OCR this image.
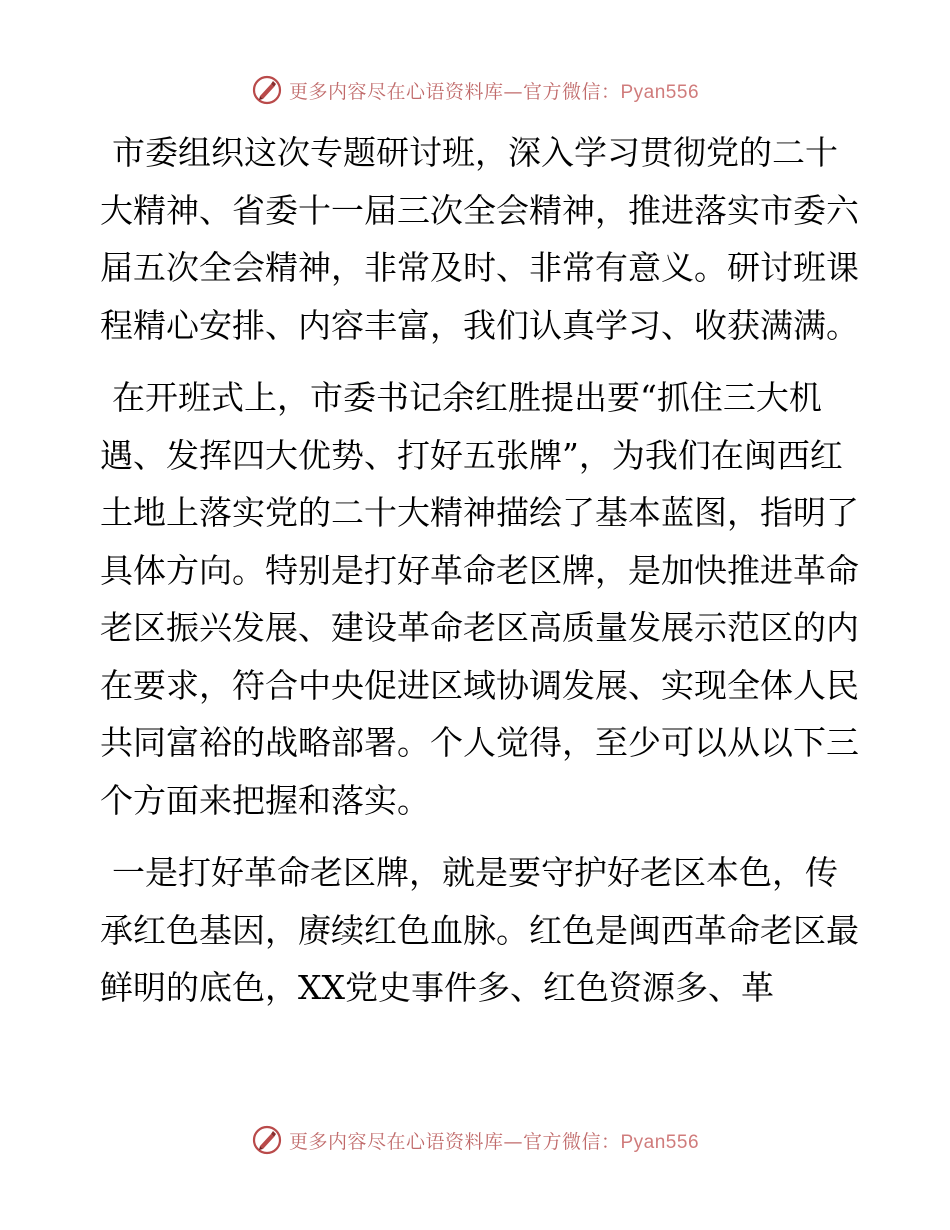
更多内容尽在心语资料库—官方微信：Pyan556

市委组织这次专题研讨班，深入学习贯彻党的二十大精神、省委十一届三次全会精神，推进落实市委六届五次全会精神，非常及时、非常有意义。研讨班课程精心安排、内容丰富，我们认真学习、收获满满。

在开班式上，市委书记余红胜提出要“抓住三大机遇、发挥四大优势、打好五张牌”，为我们在闽西红土地上落实党的二十大精神描绘了基本蓝图，指明了具体方向。特别是打好革命老区牌，是加快推进革命老区振兴发展、建设革命老区高质量发展示范区的内在要求，符合中央促进区域协调发展、实现全体人民共同富裕的战略部署。个人觉得，至少可以从以下三个方面来把握和落实。

一是打好革命老区牌，就是要守护好老区本色，传承红色基因，赓续红色血脉。红色是闽西革命老区最鲜明的底色，XX党史事件多、红色资源多、革

更多内容尽在心语资料库—官方微信：Pyan556
